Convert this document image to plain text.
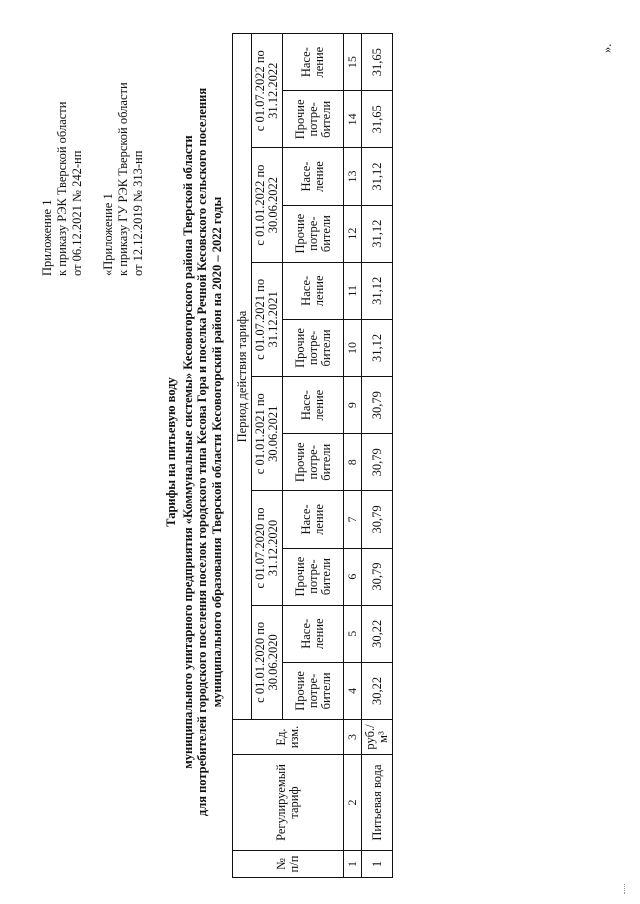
Приложение 1 к приказу РЭК Тверской области от 06.12.2021 № 242-нп «Приложение 1 к приказу ГУ РЭК Тверской области от 12.12.2019 № 313-нп
Тарифы на питьевую воду муниципального унитарного предприятия «Коммунальные системы» Кесовогорского района Тверской области для потребителей городского поселения поселок городского типа Кесова Гора и поселка Речной Кесовского сельского поселения муниципального образования Тверской области Кесовогорский район на 2020 – 2022 годы
№ п/п	Регулируемый тариф	Ед. изм.	Период действия тарифа											
			с 01.01.2020 по 30.06.2020		с 01.07.2020 по 31.12.2020		с 01.01.2021 по 30.06.2021		с 01.07.2021 по 31.12.2021		с 01.01.2022 по 30.06.2022		с 01.07.2022 по 31.12.2022	
			Прочие потре-бители	Насе-ление	Прочие потре-бители	Насе-ление	Прочие потре-бители	Насе-ление	Прочие потре-бители	Насе-ление	Прочие потре-бители	Насе-ление	Прочие потре-бители	Насе-ление
1	2	3	4	5	6	7	8	9	10	11	12	13	14	15
1	Питьевая вода	руб./м³	30,22	30,22	30,79	30,79	30,79	30,79	31,12	31,12	31,12	31,12	31,65	31,65	».
